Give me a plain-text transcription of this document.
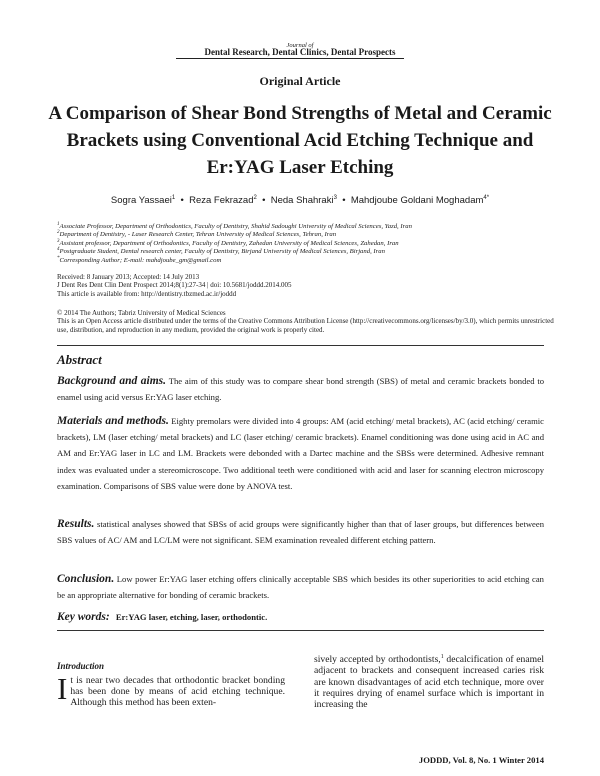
Journal of
Dental Research, Dental Clinics, Dental Prospects
Original Article
A Comparison of Shear Bond Strengths of Metal and Ceramic
Brackets using Conventional Acid Etching Technique and
Er:YAG Laser Etching
Sogra Yassaei$^1$ • Reza Fekrazad$^2$ • Neda Shahraki$^3$ • Mahdjoube Goldani Moghadam$^{4*}$
$^1$Associate Professor, Department of Orthodontics, Faculty of Dentistry, Shahid Sadoughi University of Medical Sciences, Yazd, Iran
$^2$Department of Dentistry, - Laser Research Center, Tehran University of Medical Sciences, Tehran, Iran
$^3$Assistant professor, Department of Orthodontics, Faculty of Dentistry, Zahedan University of Medical Sciences, Zahedan, Iran
$^4$Postgraduate Student, Dental research center, Faculty of Dentistry, Birjand University of Medical Sciences, Birjand, Iran
*Corresponding Author; E-mail: mahdjoube_gm@gmail.com
Received: 8 January 2013; Accepted: 14 July 2013
J Dent Res Dent Clin Dent Prospect 2014;8(1):27-34 | doi: 10.5681/joddd.2014.005
This article is available from: http://dentistry.tbzmed.ac.ir/joddd
© 2014 The Authors; Tabriz University of Medical Sciences
This is an Open Access article distributed under the terms of the Creative Commons Attribution License (http://creativecommons.org/licenses/by/3.0), which permits unrestricted use, distribution, and reproduction in any medium, provided the original work is properly cited.
Abstract
Background and aims. The aim of this study was to compare shear bond strength (SBS) of metal and ceramic brackets bonded to enamel using acid versus Er:YAG laser etching.
Materials and methods. Eighty premolars were divided into 4 groups: AM (acid etching/ metal brackets), AC (acid etching/ ceramic brackets), LM (laser etching/ metal brackets) and LC (laser etching/ ceramic brackets). Enamel conditioning was done using acid in AC and AM and Er:YAG laser in LC and LM. Brackets were debonded with a Dartec machine and the SBSs were determined. Adhesive remnant index was evaluated under a stereomicroscope. Two additional teeth were conditioned with acid and laser for scanning electron microscopy examination. Comparisons of SBS value were done by ANOVA test.
Results. statistical analyses showed that SBSs of acid groups were significantly higher than that of laser groups, but differences between SBS values of AC/ AM and LC/LM were not significant. SEM examination revealed different etching pattern.
Conclusion. Low power Er:YAG laser etching offers clinically acceptable SBS which besides its other superiorities to acid etching can be an appropriate alternative for bonding of ceramic brackets.
Key words: Er:YAG laser, etching, laser, orthodontic.
Introduction
It is near two decades that orthodontic bracket bonding has been done by means of acid etching technique. Although this method has been exten-
sively accepted by orthodontists,$^1$ decalcification of enamel adjacent to brackets and consequent increased caries risk are known disadvantages of acid etch technique, more over it requires drying of enamel surface which is important in increasing the
JODDD, Vol. 8, No. 1 Winter 2014
